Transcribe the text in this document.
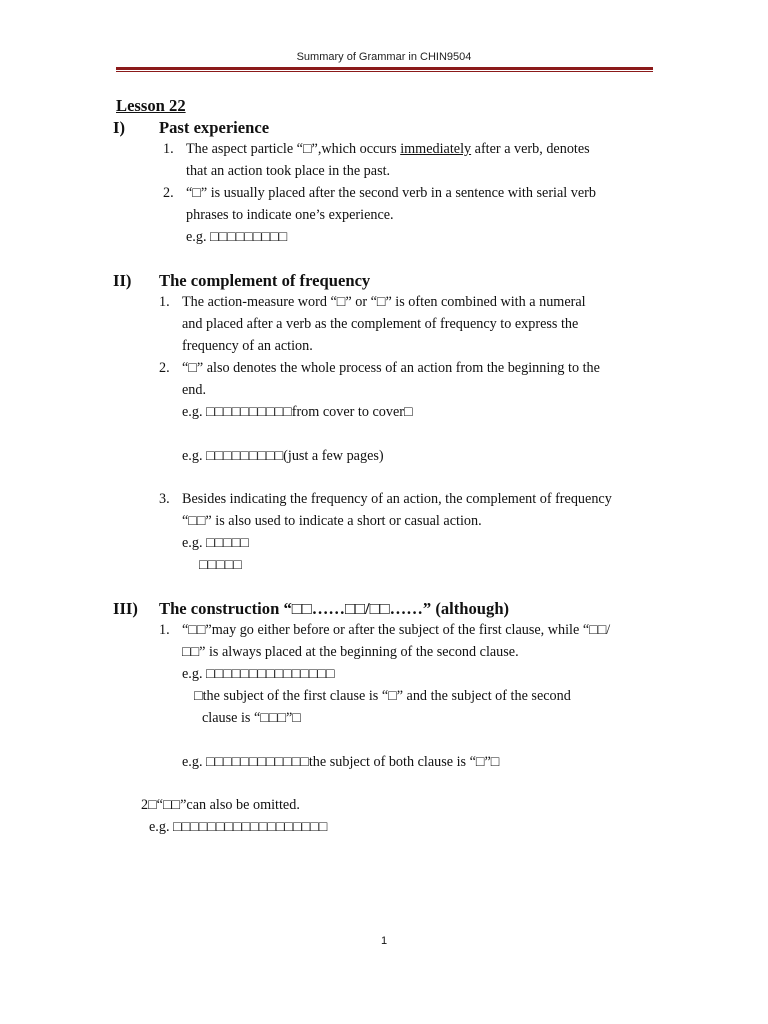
Summary of Grammar in CHIN9504
Lesson 22
I) Past experience
1. The aspect particle “□”,which occurs immediately after a verb, denotes
that an action took place in the past.
2. “□” is usually placed after the second verb in a sentence with serial verb
phrases to indicate one’s experience.
e.g. □□□□□□□□□
II) The complement of frequency
1. The action-measure word “□” or “□” is often combined with a numeral
and placed after a verb as the complement of frequency to express the
frequency of an action.
2. “□” also denotes the whole process of an action from the beginning to the
end.
e.g. □□□□□□□□□□from cover to cover□
e.g. □□□□□□□□□(just a few pages)
3. Besides indicating the frequency of an action, the complement of frequency
“□□” is also used to indicate a short or casual action.
e.g. □□□□□
□□□□□
III) The construction “□□……□□/□□……” (although)
1. “□□”may go either before or after the subject of the first clause, while “□□/
□□” is always placed at the beginning of the second clause.
e.g. □□□□□□□□□□□□□□□
□the subject of the first clause is “□” and the subject of the second
clause is “□□□”□
e.g. □□□□□□□□□□□□the subject of both clause is “□”□
2□“□□”can also be omitted.
e.g. □□□□□□□□□□□□□□□□□□
1
